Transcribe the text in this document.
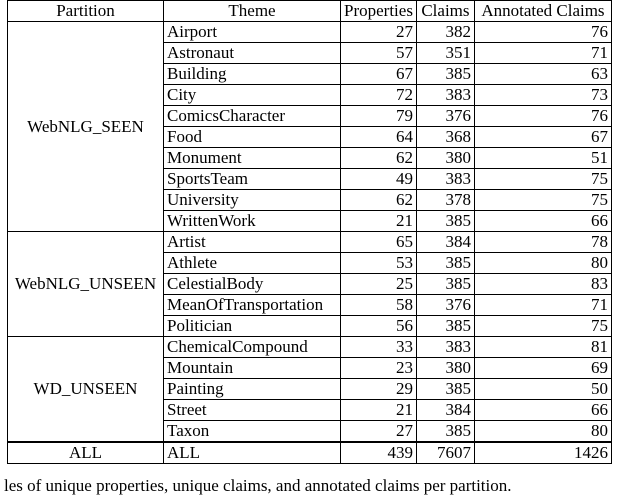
Partition	Theme	Properties	Claims	Annotated Claims
WebNLG_SEEN	Airport	27	382	76
	Astronaut	57	351	71
	Building	67	385	63
	City	72	383	73
	ComicsCharacter	79	376	76
	Food	64	368	67
	Monument	62	380	51
	SportsTeam	49	383	75
	University	62	378	75
	WrittenWork	21	385	66
WebNLG_UNSEEN	Artist	65	384	78
	Athlete	53	385	80
	CelestialBody	25	385	83
	MeanOfTransportation	58	376	71
	Politician	56	385	75
WD_UNSEEN	ChemicalCompound	33	383	81
	Mountain	23	380	69
	Painting	29	385	50
	Street	21	384	66
	Taxon	27	385	80
ALL	ALL	439	7607	1426
les of unique properties, unique claims, and annotated claims per partition.
